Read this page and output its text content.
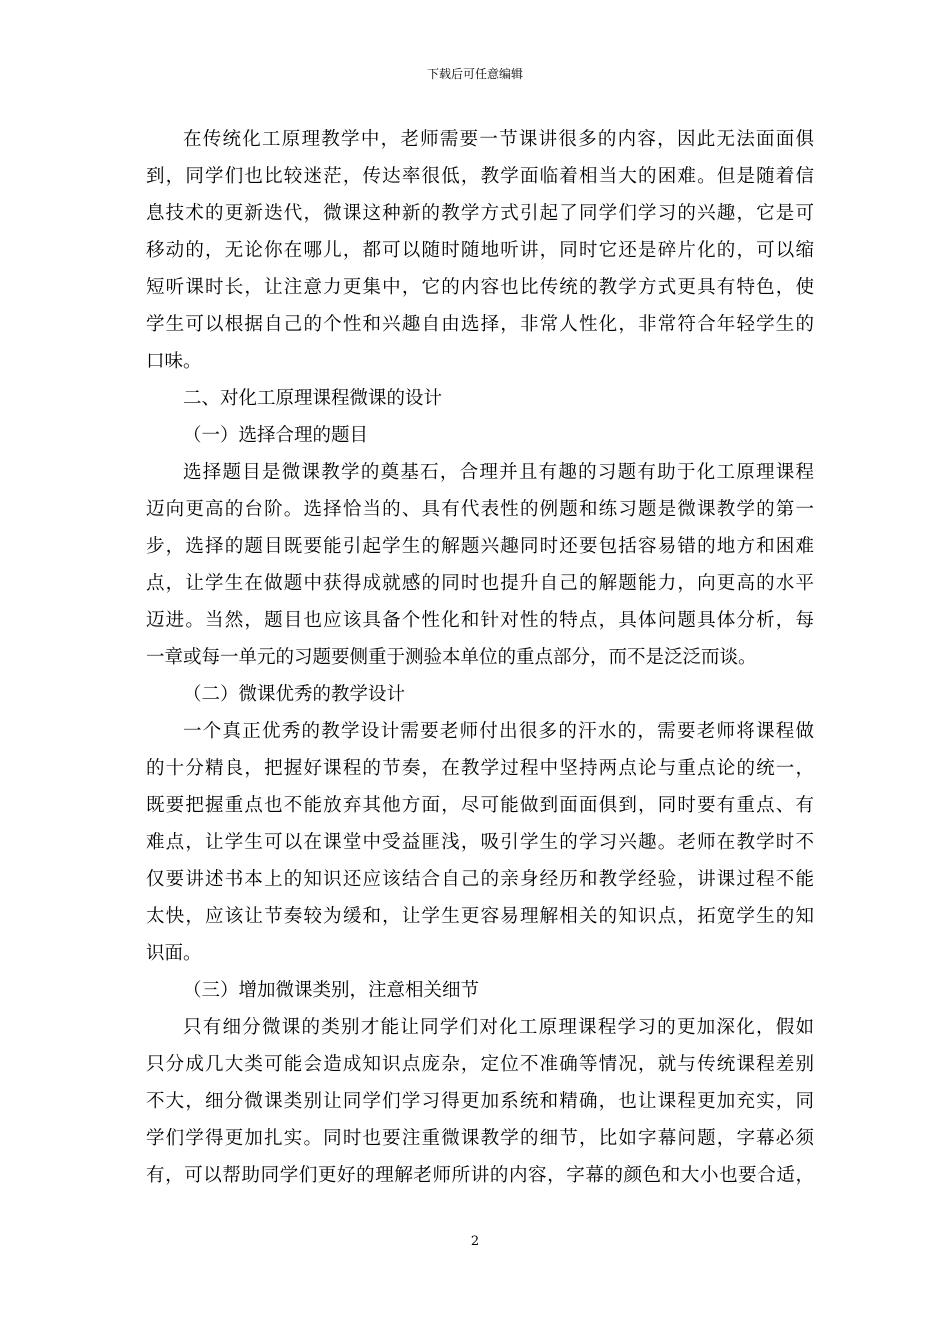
下载后可任意编辑
在传统化工原理教学中，老师需要一节课讲很多的内容，因此无法面面俱
到，同学们也比较迷茫，传达率很低，教学面临着相当大的困难。但是随着信
息技术的更新迭代，微课这种新的教学方式引起了同学们学习的兴趣，它是可
移动的，无论你在哪儿，都可以随时随地听讲，同时它还是碎片化的，可以缩
短听课时长，让注意力更集中，它的内容也比传统的教学方式更具有特色，使
学生可以根据自己的个性和兴趣自由选择，非常人性化，非常符合年轻学生的
口味。
二、对化工原理课程微课的设计
（一）选择合理的题目
选择题目是微课教学的奠基石，合理并且有趣的习题有助于化工原理课程
迈向更高的台阶。选择恰当的、具有代表性的例题和练习题是微课教学的第一
步，选择的题目既要能引起学生的解题兴趣同时还要包括容易错的地方和困难
点，让学生在做题中获得成就感的同时也提升自己的解题能力，向更高的水平
迈进。当然，题目也应该具备个性化和针对性的特点，具体问题具体分析，每
一章或每一单元的习题要侧重于测验本单位的重点部分，而不是泛泛而谈。
（二）微课优秀的教学设计
一个真正优秀的教学设计需要老师付出很多的汗水的，需要老师将课程做
的十分精良，把握好课程的节奏，在教学过程中坚持两点论与重点论的统一，
既要把握重点也不能放弃其他方面，尽可能做到面面俱到，同时要有重点、有
难点，让学生可以在课堂中受益匪浅，吸引学生的学习兴趣。老师在教学时不
仅要讲述书本上的知识还应该结合自己的亲身经历和教学经验，讲课过程不能
太快，应该让节奏较为缓和，让学生更容易理解相关的知识点，拓宽学生的知
识面。
（三）增加微课类别，注意相关细节
只有细分微课的类别才能让同学们对化工原理课程学习的更加深化，假如
只分成几大类可能会造成知识点庞杂，定位不准确等情况，就与传统课程差别
不大，细分微课类别让同学们学习得更加系统和精确，也让课程更加充实，同
学们学得更加扎实。同时也要注重微课教学的细节，比如字幕问题，字幕必须
有，可以帮助同学们更好的理解老师所讲的内容，字幕的颜色和大小也要合适，
2
